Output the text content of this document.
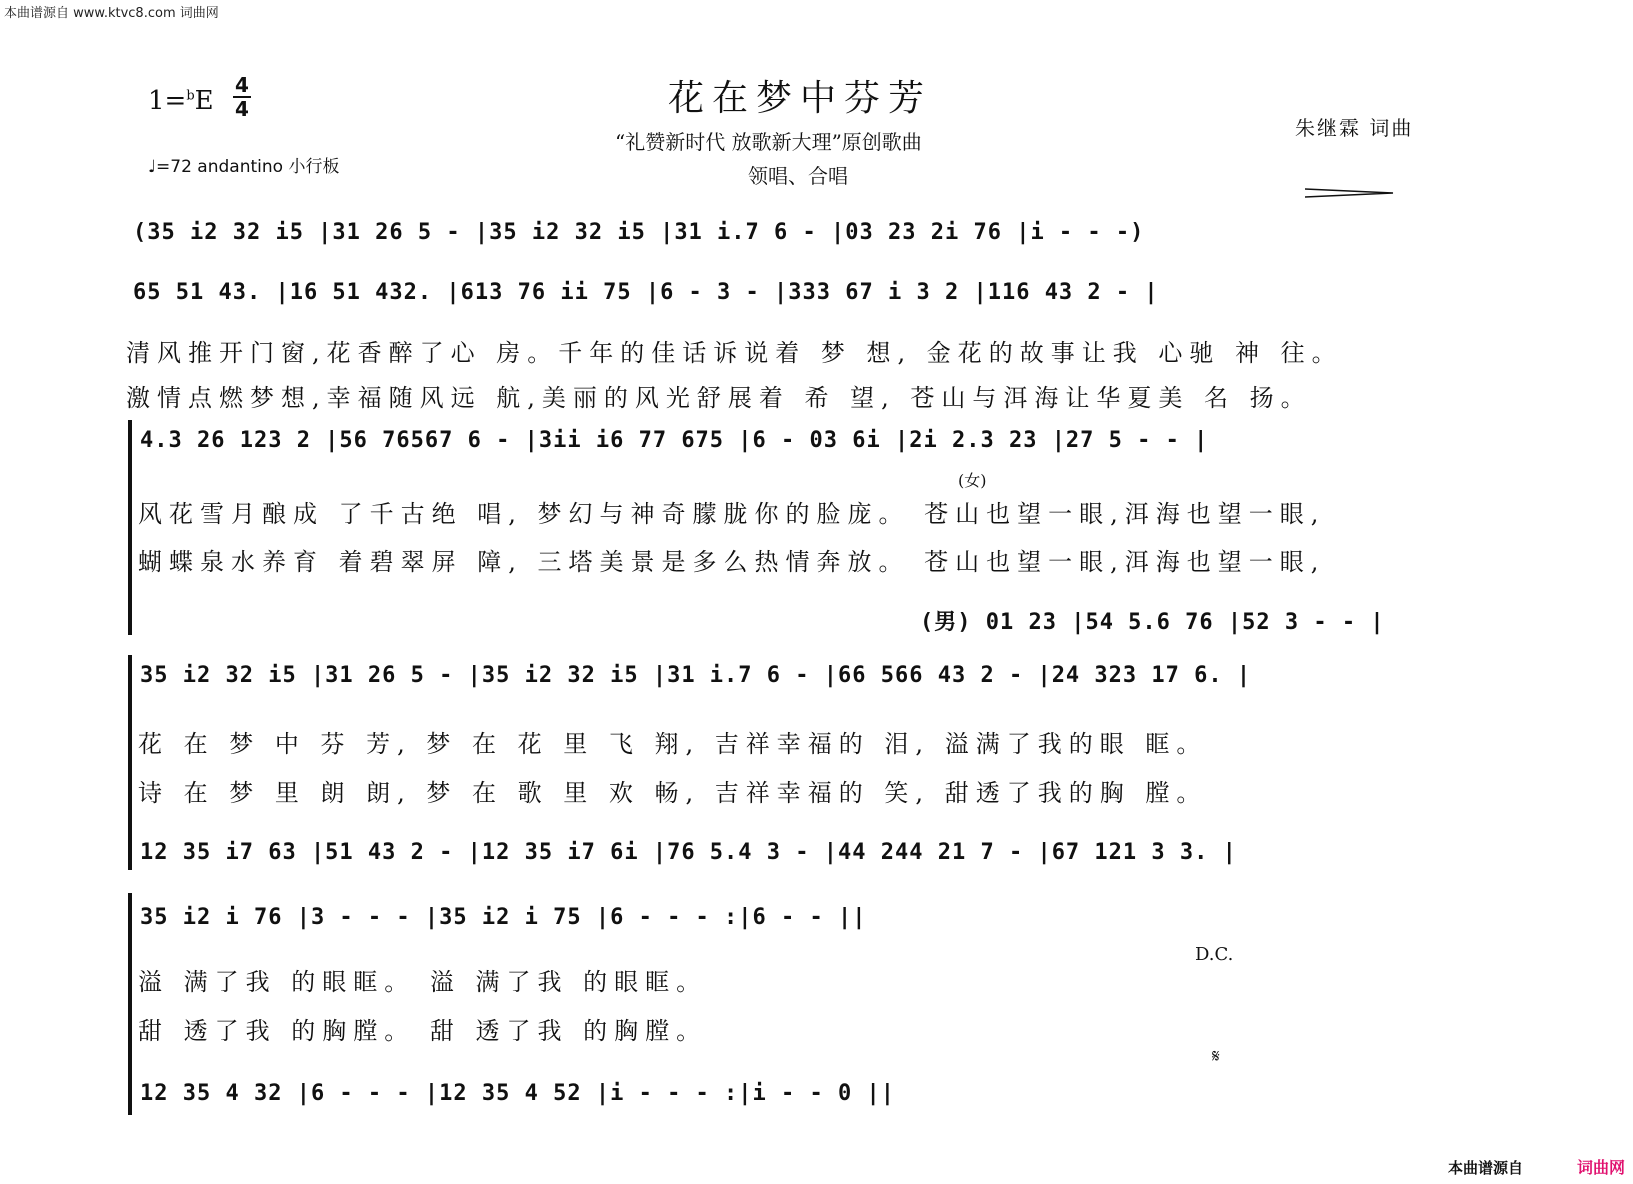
本曲谱源自 www.ktvc8.com 词曲网
1=$^b$E
4
4
♩=72 andantino 小行板
花在梦中芬芳
“礼赞新时代 放歌新大理”原创歌曲
领唱、合唱
朱继霖 词曲
(35 i2 32 i5 |31 26 5 - |35 i2 32 i5 |31 i.7 6 - |03 23 2i 76 |i - - -)
65 51 43. |16 51 432. |613 76 ii 75 |6 - 3 - |333 67 i 3 2 |116 43 2 - |
清风推开门窗,花香醉了心 房。千年的佳话诉说着 梦 想, 金花的故事让我 心驰 神 往。
激情点燃梦想,幸福随风远 航,美丽的风光舒展着 希 望, 苍山与洱海让华夏美 名 扬。
4.3 26 123 2 |56 76567 6 - |3ii i6 77 675 |6 - 03 6i |2i 2.3 23 |27 5 - - |
(女)
风花雪月酿成 了千古绝 唱, 梦幻与神奇朦胧你的脸庞。 苍山也望一眼,洱海也望一眼,
蝴蝶泉水养育 着碧翠屏 障, 三塔美景是多么热情奔放。 苍山也望一眼,洱海也望一眼,
(男) 01 23 |54 5.6 76 |52 3 - - |
35 i2 32 i5 |31 26 5 - |35 i2 32 i5 |31 i.7 6 - |66 566 43 2 - |24 323 17 6. |
花 在 梦 中 芬 芳, 梦 在 花 里 飞 翔, 吉祥幸福的 泪, 溢满了我的眼 眶。
诗 在 梦 里 朗 朗, 梦 在 歌 里 欢 畅, 吉祥幸福的 笑, 甜透了我的胸 膛。
12 35 i7 63 |51 43 2 - |12 35 i7 6i |76 5.4 3 - |44 244 21 7 - |67 121 3 3. |
35 i2 i 76 |3 - - - |35 i2 i 75 |6 - - - :|6 - - ||
溢 满了我 的眼眶。 溢 满了我 的眼眶。
D.C.
甜 透了我 的胸膛。 甜 透了我 的胸膛。
𝄋
12 35 4 32 |6 - - - |12 35 4 52 |i - - - :|i - - 0 ||
本曲谱源自	词曲网
